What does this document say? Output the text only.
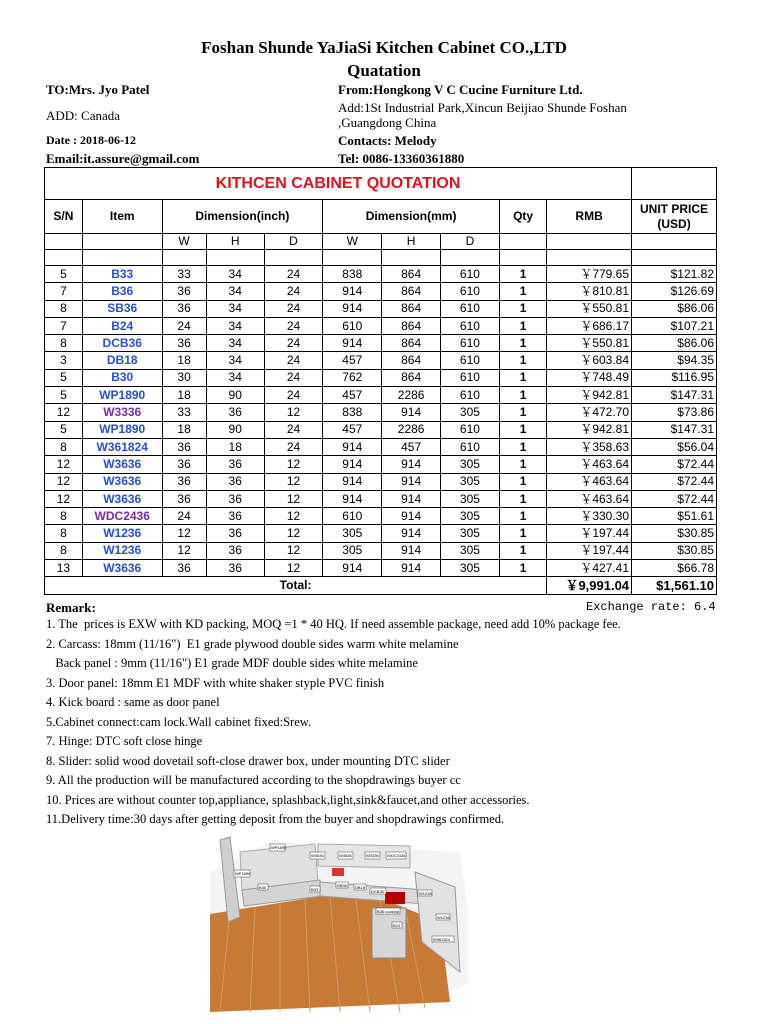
Foshan Shunde YaJiaSi Kitchen Cabinet CO.,LTD
Quatation
TO:Mrs. Jyo Patel
ADD: Canada
Date : 2018-06-12
Email:it.assure@gmail.com
From:Hongkong V C Cucine Furniture Ltd.
Add:1St Industrial Park,Xincun Beijiao Shunde Foshan
,Guangdong China
Contacts: Melody
Tel: 0086-13360361880
KITHCEN CABINET QUOTATION										
S/N	Item	Dimension(inch)			Dimension(mm)			Qty	RMB	UNIT PRICE (USD)
		W	H	D	W	H	D			

5	B33	33	34	24	838	864	610	1	￥779.65	$121.82
7	B36	36	34	24	914	864	610	1	￥810.81	$126.69
8	SB36	36	34	24	914	864	610	1	￥550.81	$86.06
7	B24	24	34	24	610	864	610	1	￥686.17	$107.21
8	DCB36	36	34	24	914	864	610	1	￥550.81	$86.06
3	DB18	18	34	24	457	864	610	1	￥603.84	$94.35
5	B30	30	34	24	762	864	610	1	￥748.49	$116.95
5	WP1890	18	90	24	457	2286	610	1	￥942.81	$147.31
12	W3336	33	36	12	838	914	305	1	￥472.70	$73.86
5	WP1890	18	90	24	457	2286	610	1	￥942.81	$147.31
8	W361824	36	18	24	914	457	610	1	￥358.63	$56.04
12	W3636	36	36	12	914	914	305	1	￥463.64	$72.44
12	W3636	36	36	12	914	914	305	1	￥463.64	$72.44
12	W3636	36	36	12	914	914	305	1	￥463.64	$72.44
8	WDC2436	24	36	12	610	914	305	1	￥330.30	$51.61
8	W1236	12	36	12	305	914	305	1	￥197.44	$30.85
8	W1236	12	36	12	305	914	305	1	￥197.44	$30.85
13	W3636	36	36	12	914	914	305	1	￥427.41	$66.78
Total:									￥9,991.04	$1,561.10
Remark:	Exchange rate: 6.4
1. The  prices is EXW with KD packing, MOQ =1 * 40 HQ. If need assemble package, need add 10% package fee.
2. Carcass: 18mm (11/16")  E1 grade plywood double sides warm white melamine
Back panel : 9mm (11/16") E1 grade MDF double sides white melamine
3. Door panel: 18mm E1 MDF with white shaker styple PVC finish
4. Kick board : same as door panel
5.Cabinet connect:cam lock.Wall cabinet fixed:Srew.
7. Hinge: DTC soft close hinge
8. Slider: solid wood dovetail soft-close drawer box, under mounting DTC slider
9. All the production will be manufactured according to the shopdrawings buyer cc
10. Prices are without counter top,appliance, splashback,light,sink&faucet,and other accessories.
11.Delivery time:30 days after getting deposit from the buyer and shopdrawings confirmed.
WP1890
W3636	W3636	WDC2436
W3336
WP1890
B30	SB36
DCB36	W1236
B33	DB18
W1236
B36 cooktop
B24
W361824
